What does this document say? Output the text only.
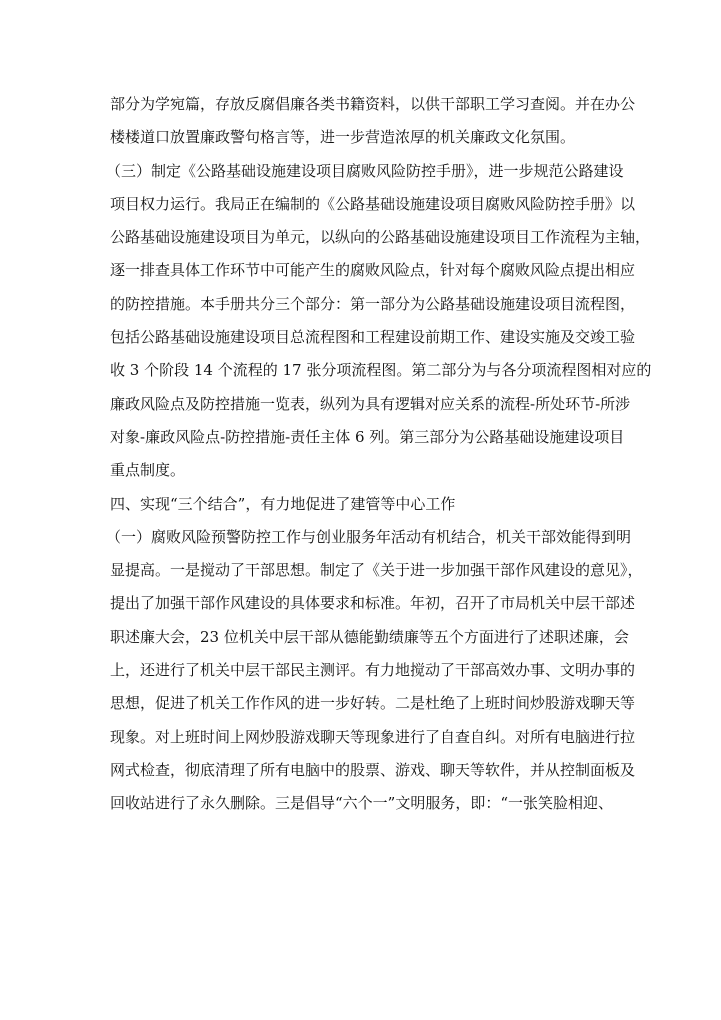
部分为学宛篇，存放反腐倡廉各类书籍资料，以供干部职工学习查阅。并在办公
楼楼道口放置廉政警句格言等，进一步营造浓厚的机关廉政文化氛围。
（三）制定《公路基础设施建设项目腐败风险防控手册》，进一步规范公路建设
项目权力运行。我局正在编制的《公路基础设施建设项目腐败风险防控手册》以
公路基础设施建设项目为单元，以纵向的公路基础设施建设项目工作流程为主轴，
逐一排查具体工作环节中可能产生的腐败风险点，针对每个腐败风险点提出相应
的防控措施。本手册共分三个部分：第一部分为公路基础设施建设项目流程图，
包括公路基础设施建设项目总流程图和工程建设前期工作、建设实施及交竣工验
收 3 个阶段 14 个流程的 17 张分项流程图。第二部分为与各分项流程图相对应的
廉政风险点及防控措施一览表，纵列为具有逻辑对应关系的流程-所处环节-所涉
对象-廉政风险点-防控措施-责任主体 6 列。第三部分为公路基础设施建设项目
重点制度。
四、实现“三个结合”，有力地促进了建管等中心工作
（一）腐败风险预警防控工作与创业服务年活动有机结合，机关干部效能得到明
显提高。一是搅动了干部思想。制定了《关于进一步加强干部作风建设的意见》，
提出了加强干部作风建设的具体要求和标准。年初，召开了市局机关中层干部述
职述廉大会，23 位机关中层干部从德能勤绩廉等五个方面进行了述职述廉，会
上，还进行了机关中层干部民主测评。有力地搅动了干部高效办事、文明办事的
思想，促进了机关工作作风的进一步好转。二是杜绝了上班时间炒股游戏聊天等
现象。对上班时间上网炒股游戏聊天等现象进行了自查自纠。对所有电脑进行拉
网式检查，彻底清理了所有电脑中的股票、游戏、聊天等软件，并从控制面板及
回收站进行了永久删除。三是倡导“六个一”文明服务，即：“一张笑脸相迎、
